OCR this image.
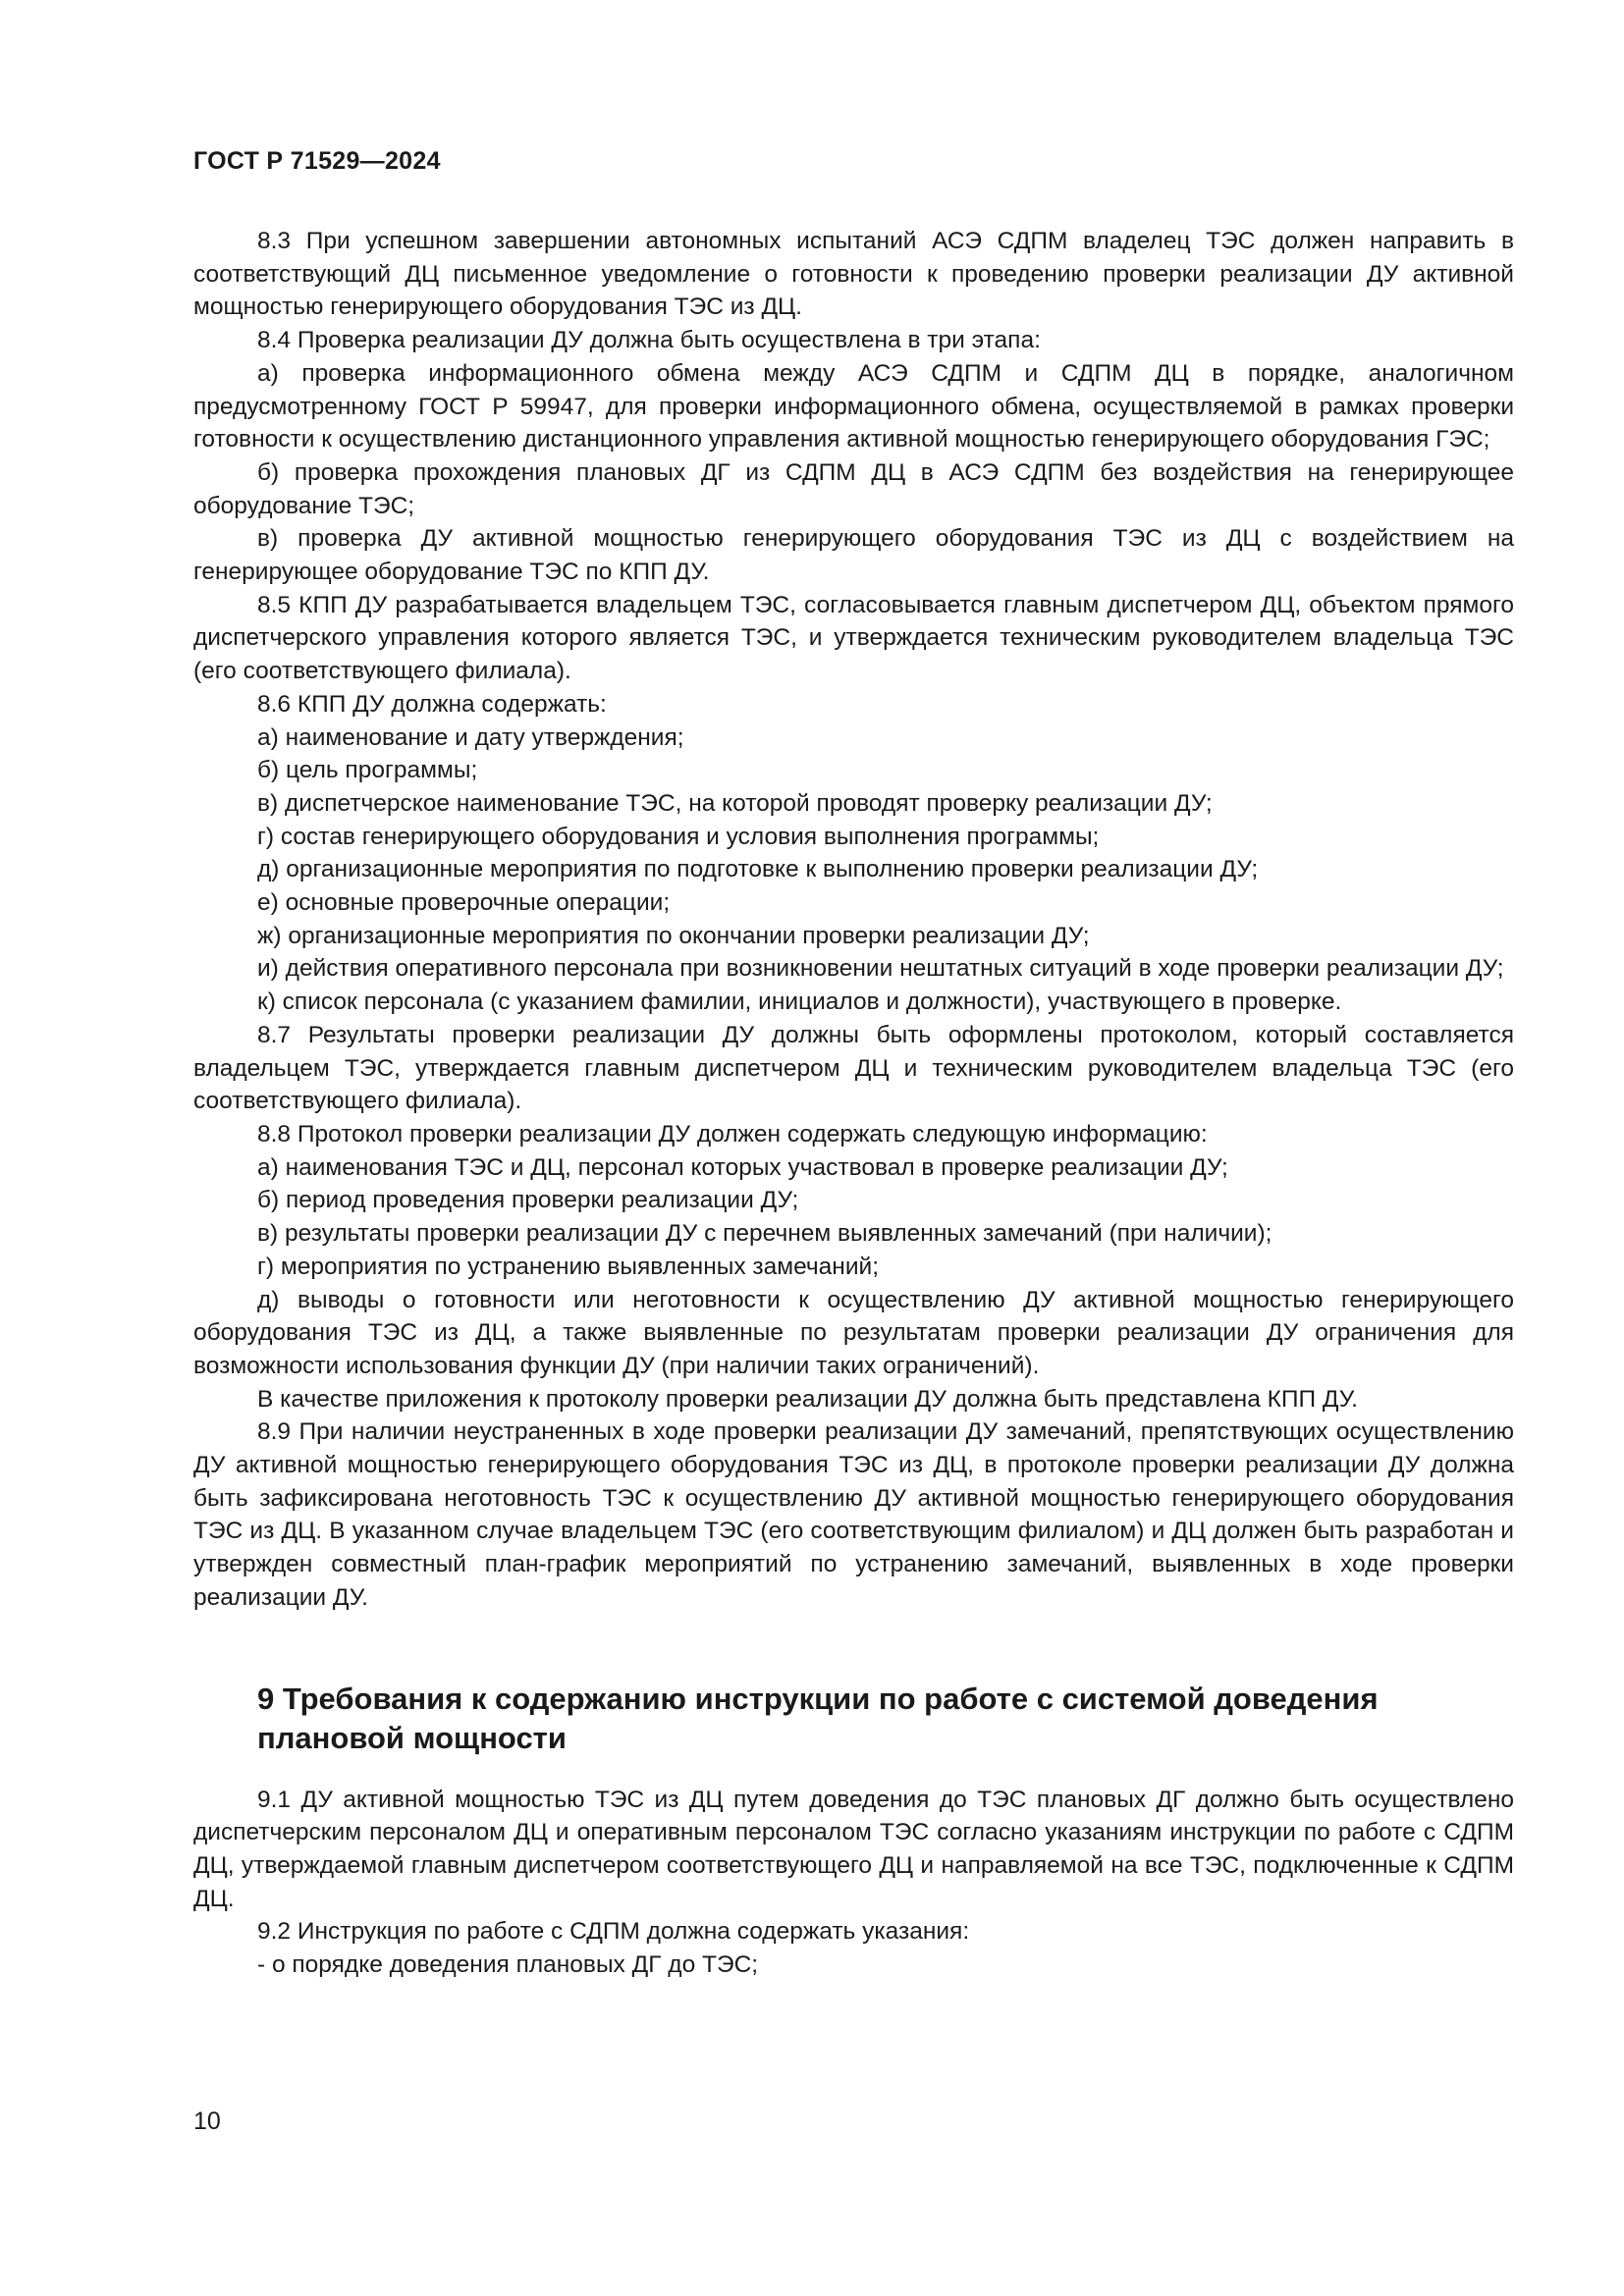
ГОСТ Р 71529—2024

8.3 При успешном завершении автономных испытаний АСЭ СДПМ владелец ТЭС должен направить в соответствующий ДЦ письменное уведомление о готовности к проведению проверки реализации ДУ активной мощностью генерирующего оборудования ТЭС из ДЦ.

8.4 Проверка реализации ДУ должна быть осуществлена в три этапа:

а) проверка информационного обмена между АСЭ СДПМ и СДПМ ДЦ в порядке, аналогичном предусмотренному ГОСТ Р 59947, для проверки информационного обмена, осуществляемой в рамках проверки готовности к осуществлению дистанционного управления активной мощностью генерирующего оборудования ГЭС;

б) проверка прохождения плановых ДГ из СДПМ ДЦ в АСЭ СДПМ без воздействия на генерирующее оборудование ТЭС;

в) проверка ДУ активной мощностью генерирующего оборудования ТЭС из ДЦ с воздействием на генерирующее оборудование ТЭС по КПП ДУ.

8.5 КПП ДУ разрабатывается владельцем ТЭС, согласовывается главным диспетчером ДЦ, объектом прямого диспетчерского управления которого является ТЭС, и утверждается техническим руководителем владельца ТЭС (его соответствующего филиала).

8.6 КПП ДУ должна содержать:

а) наименование и дату утверждения;

б) цель программы;

в) диспетчерское наименование ТЭС, на которой проводят проверку реализации ДУ;

г) состав генерирующего оборудования и условия выполнения программы;

д) организационные мероприятия по подготовке к выполнению проверки реализации ДУ;

е) основные проверочные операции;

ж) организационные мероприятия по окончании проверки реализации ДУ;

и) действия оперативного персонала при возникновении нештатных ситуаций в ходе проверки реализации ДУ;

к) список персонала (с указанием фамилии, инициалов и должности), участвующего в проверке.

8.7 Результаты проверки реализации ДУ должны быть оформлены протоколом, который составляется владельцем ТЭС, утверждается главным диспетчером ДЦ и техническим руководителем владельца ТЭС (его соответствующего филиала).

8.8 Протокол проверки реализации ДУ должен содержать следующую информацию:

а) наименования ТЭС и ДЦ, персонал которых участвовал в проверке реализации ДУ;

б) период проведения проверки реализации ДУ;

в) результаты проверки реализации ДУ с перечнем выявленных замечаний (при наличии);

г) мероприятия по устранению выявленных замечаний;

д) выводы о готовности или неготовности к осуществлению ДУ активной мощностью генерирующего оборудования ТЭС из ДЦ, а также выявленные по результатам проверки реализации ДУ ограничения для возможности использования функции ДУ (при наличии таких ограничений).

В качестве приложения к протоколу проверки реализации ДУ должна быть представлена КПП ДУ.

8.9 При наличии неустраненных в ходе проверки реализации ДУ замечаний, препятствующих осуществлению ДУ активной мощностью генерирующего оборудования ТЭС из ДЦ, в протоколе проверки реализации ДУ должна быть зафиксирована неготовность ТЭС к осуществлению ДУ активной мощностью генерирующего оборудования ТЭС из ДЦ. В указанном случае владельцем ТЭС (его соответствующим филиалом) и ДЦ должен быть разработан и утвержден совместный план-график мероприятий по устранению замечаний, выявленных в ходе проверки реализации ДУ.

9 Требования к содержанию инструкции по работе с системой доведения
плановой мощности

9.1 ДУ активной мощностью ТЭС из ДЦ путем доведения до ТЭС плановых ДГ должно быть осуществлено диспетчерским персоналом ДЦ и оперативным персоналом ТЭС согласно указаниям инструкции по работе с СДПМ ДЦ, утверждаемой главным диспетчером соответствующего ДЦ и направляемой на все ТЭС, подключенные к СДПМ ДЦ.

9.2 Инструкция по работе с СДПМ должна содержать указания:

- о порядке доведения плановых ДГ до ТЭС;

10
